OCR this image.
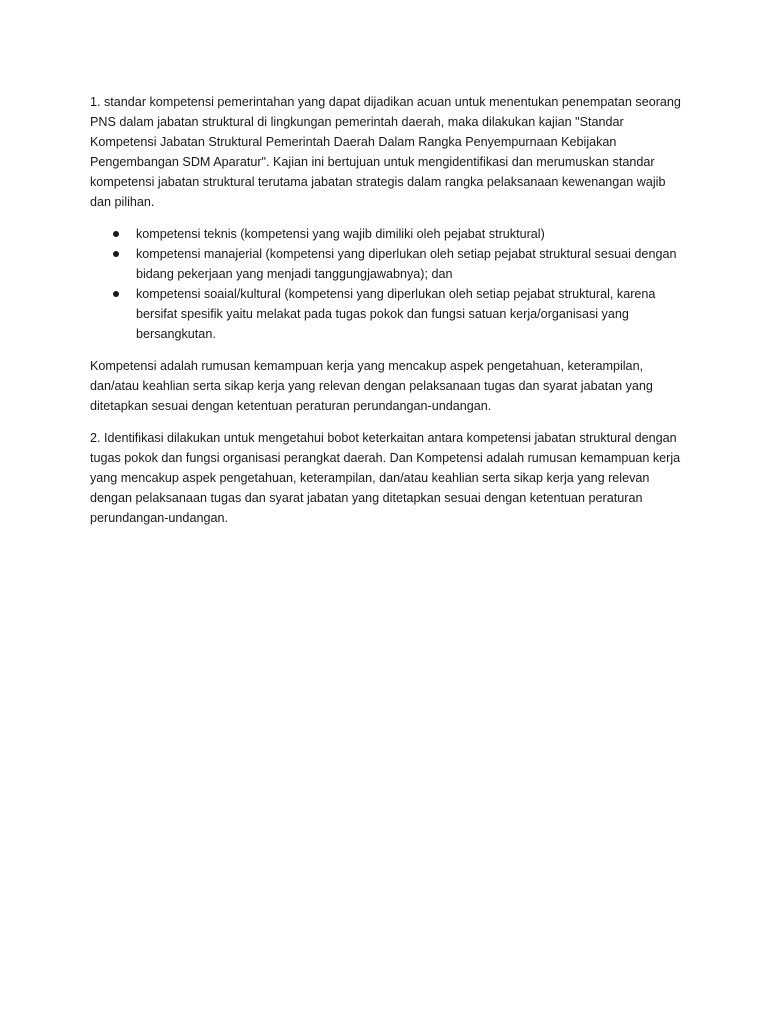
1. standar kompetensi pemerintahan yang dapat dijadikan acuan untuk menentukan penempatan seorang PNS dalam jabatan struktural di lingkungan pemerintah daerah, maka dilakukan kajian "Standar Kompetensi Jabatan Struktural Pemerintah Daerah Dalam Rangka Penyempurnaan Kebijakan Pengembangan SDM Aparatur". Kajian ini bertujuan untuk mengidentifikasi dan merumuskan standar kompetensi jabatan struktural terutama jabatan strategis dalam rangka pelaksanaan kewenangan wajib dan pilihan.

kompetensi teknis (kompetensi yang wajib dimiliki oleh pejabat struktural)
kompetensi manajerial (kompetensi yang diperlukan oleh setiap pejabat struktural sesuai dengan bidang pekerjaan yang menjadi tanggungjawabnya); dan
kompetensi soaial/kultural (kompetensi yang diperlukan oleh setiap pejabat struktural, karena bersifat spesifik yaitu melakat pada tugas pokok dan fungsi satuan kerja/organisasi yang bersangkutan.

Kompetensi adalah rumusan kemampuan kerja yang mencakup aspek pengetahuan, keterampilan, dan/atau keahlian serta sikap kerja yang relevan dengan pelaksanaan tugas dan syarat jabatan yang ditetapkan sesuai dengan ketentuan peraturan perundangan-undangan.

2. Identifikasi dilakukan untuk mengetahui bobot keterkaitan antara kompetensi jabatan struktural dengan tugas pokok dan fungsi organisasi perangkat daerah. Dan Kompetensi adalah rumusan kemampuan kerja yang mencakup aspek pengetahuan, keterampilan, dan/atau keahlian serta sikap kerja yang relevan dengan pelaksanaan tugas dan syarat jabatan yang ditetapkan sesuai dengan ketentuan peraturan perundangan-undangan.
